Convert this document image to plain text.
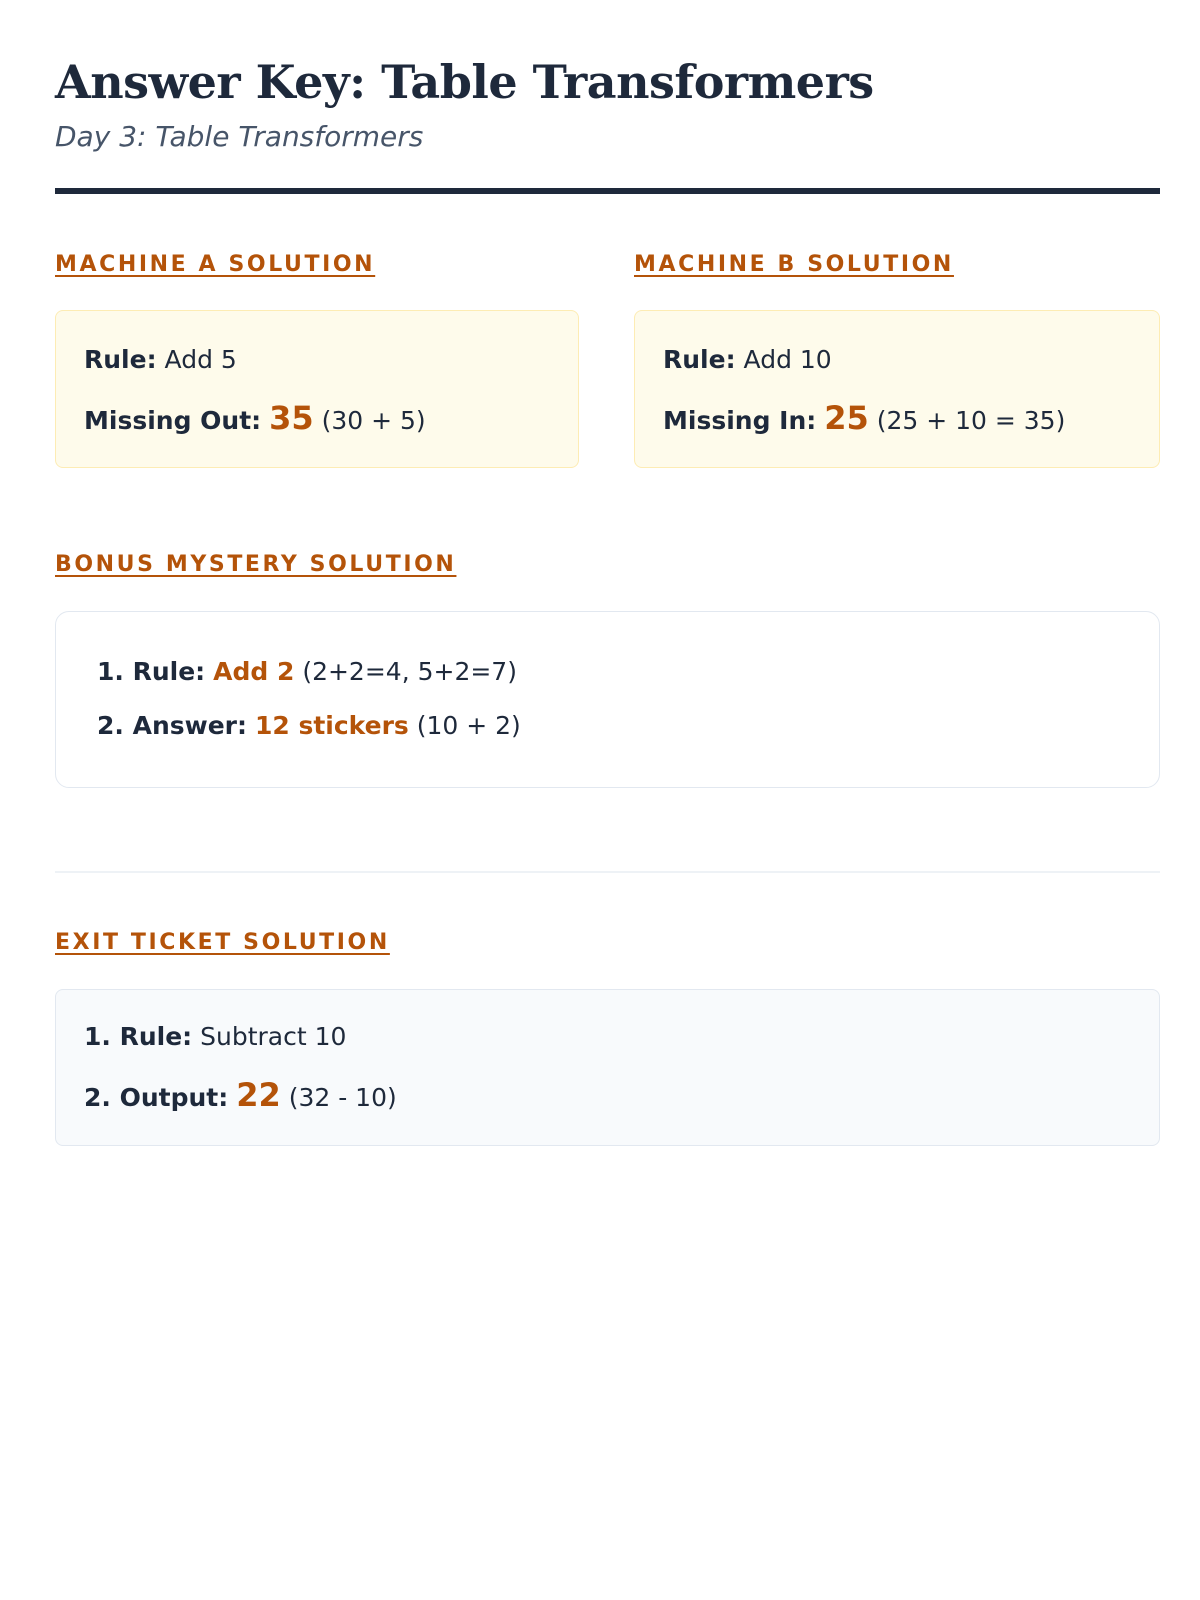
Answer Key: Table Transformers
Day 3: Table Transformers
MACHINE A SOLUTION
Rule: Add 5
Missing Out: 35 (30 + 5)
MACHINE B SOLUTION
Rule: Add 10
Missing In: 25 (25 + 10 = 35)
BONUS MYSTERY SOLUTION
1. Rule: Add 2 (2+2=4, 5+2=7)
2. Answer: 12 stickers (10 + 2)
EXIT TICKET SOLUTION
1. Rule: Subtract 10
2. Output: 22 (32 - 10)
